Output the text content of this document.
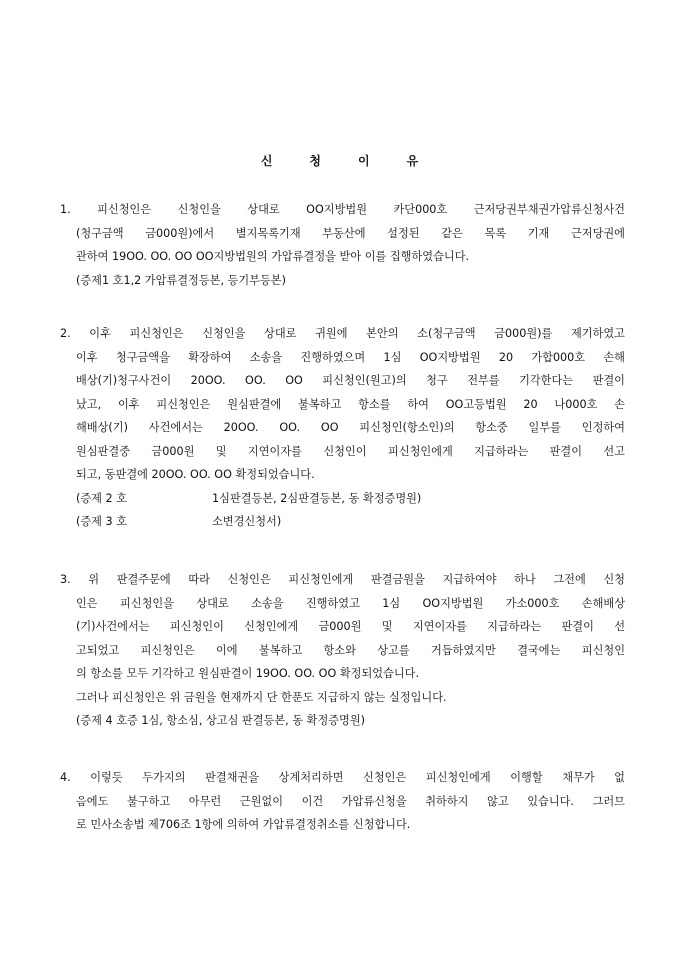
신	청	이	유
1. 피신청인은 신청인을 상대로 OO지방법원 카단000호 근저당권부채권가압류신청사건
(청구금액 금000원)에서 별지목록기재 부동산에 설정된 같은 목록 기재 근저당권에
관하여 19OO. OO. OO OO지방법원의 가압류결정을 받아 이를 집행하였습니다.
(증제1 호1,2 가압류결정등본, 등기부등본)
2. 이후 피신청인은 신청인을 상대로 귀원에 본안의 소(청구금액 금000원)를 제기하였고
이후 청구금액을 확장하여 소송을 진행하였으며 1심 OO지방법원 20 가합000호 손해
배상(기)청구사건이 20OO. OO. OO 피신청인(원고)의 청구 전부를 기각한다는 판결이
났고, 이후 피신청인은 원심판결에 불복하고 항소를 하여 OO고등법원 20 나000호 손
해배상(기) 사건에서는 20OO. OO. OO 피신청인(항소인)의 항소중 일부를 인정하여
원심판결중 금000원 및 지연이자를 신청인이 피신청인에게 지급하라는 판결이 선고
되고, 동판결에 20OO. OO. OO 확정되었습니다.
(증제 2 호	1심판결등본, 2심판결등본, 동 확정증명원)
(증제 3 호	소변경신청서)
3. 위 판결주문에 따라 신청인은 피신청인에게 판결금원을 지급하여야 하나 그전에 신청
인은 피신청인을 상대로 소송을 진행하였고 1심 OO지방법원 가소000호 손해배상
(기)사건에서는 피신청인이 신청인에게 금000원 및 지연이자를 지급하라는 판결이 선
고되었고 피신청인은 이에 불복하고 항소와 상고를 거듭하였지만 결국에는 피신청인
의 항소를 모두 기각하고 원심판결이 19OO. OO. OO 확정되었습니다.
그러나 피신청인은 위 금원을 현재까지 단 한푼도 지급하지 않는 실정입니다.
(증제 4 호증 1심, 항소심, 상고심 판결등본, 동 확정증명원)
4. 이렇듯 두가지의 판결채권을 상계처리하면 신청인은 피신청인에게 이행할 채무가 없
음에도 불구하고 아무런 근원없이 이건 가압류신청을 취하하지 않고 있습니다. 그러므
로 민사소송법 제706조 1항에 의하여 가압류결정취소를 신청합니다.
